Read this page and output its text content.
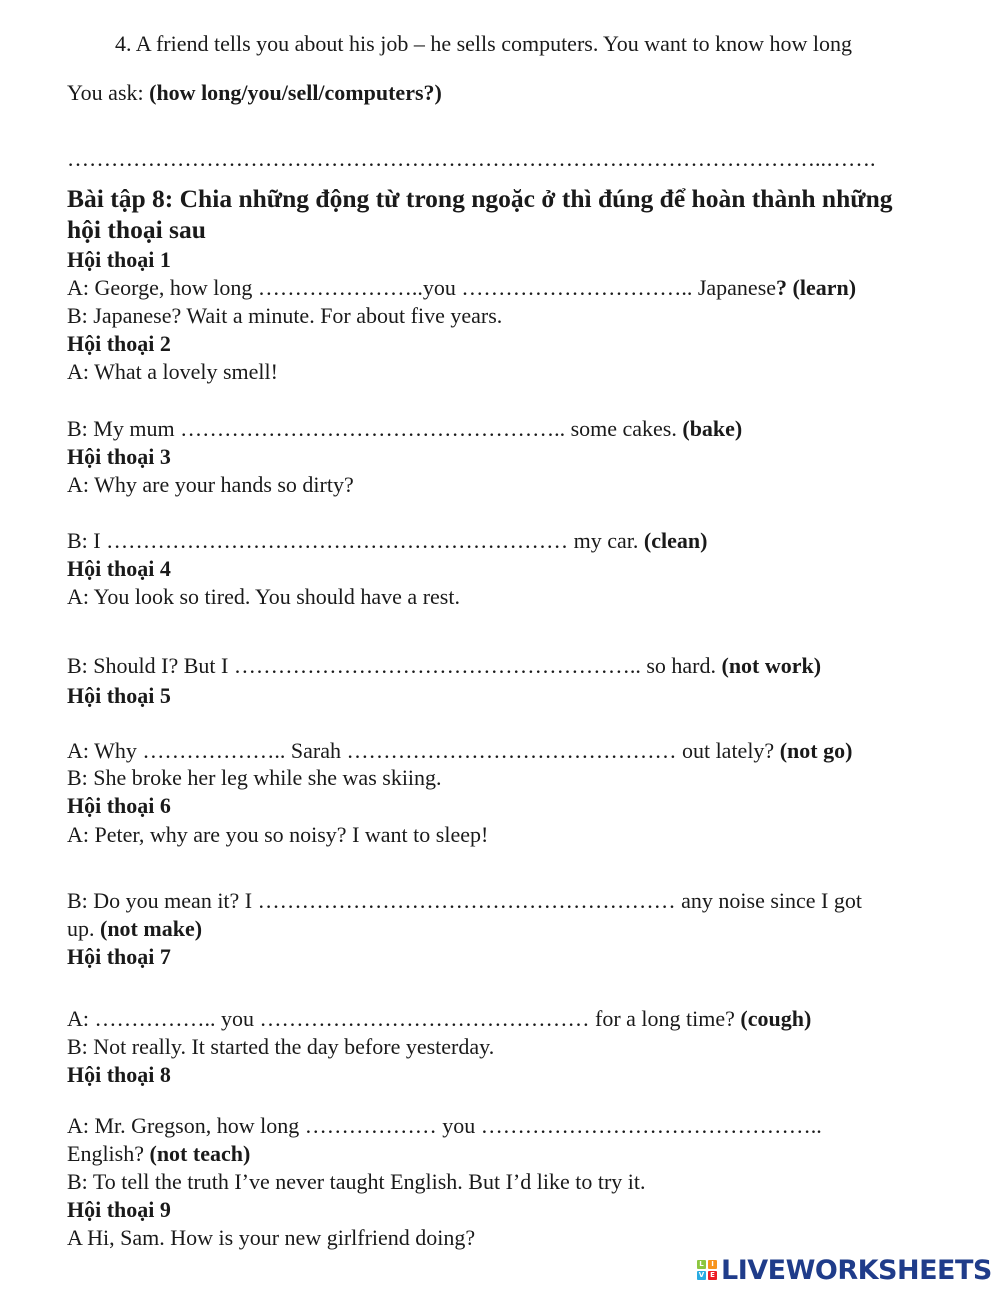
4. A friend tells you about his job – he sells computers. You want to know how long
You ask: (how long/you/sell/computers?)
…………………………………………………………………………………………..…….
Bài tập 8: Chia những động từ trong ngoặc ở thì đúng để hoàn thành những
hội thoại sau
Hội thoại 1
A: George, how long …………………..you ………………………….. Japanese? (learn)
B: Japanese? Wait a minute. For about five years.
Hội thoại 2
A: What a lovely smell!
B: My mum …………………………………………….. some cakes. (bake)
Hội thoại 3
A: Why are your hands so dirty?
B: I ……………………………………………………… my car. (clean)
Hội thoại 4
A: You look so tired. You should have a rest.
B: Should I? But I ……………………………………………….. so hard. (not work)
Hội thoại 5
A: Why ……………….. Sarah ……………………………………… out lately? (not go)
B: She broke her leg while she was skiing.
Hội thoại 6
A: Peter, why are you so noisy? I want to sleep!
B: Do you mean it? I ………………………………………………… any noise since I got
up. (not make)
Hội thoại 7
A: …………….. you ……………………………………… for a long time? (cough)
B: Not really. It started the day before yesterday.
Hội thoại 8
A: Mr. Gregson, how long ……………… you ………………………………………..
English? (not teach)
B: To tell the truth I’ve never taught English. But I’d like to try it.
Hội thoại 9
A Hi, Sam. How is your new girlfriend doing?
L	I
V E LIVEWORKSHEETS
